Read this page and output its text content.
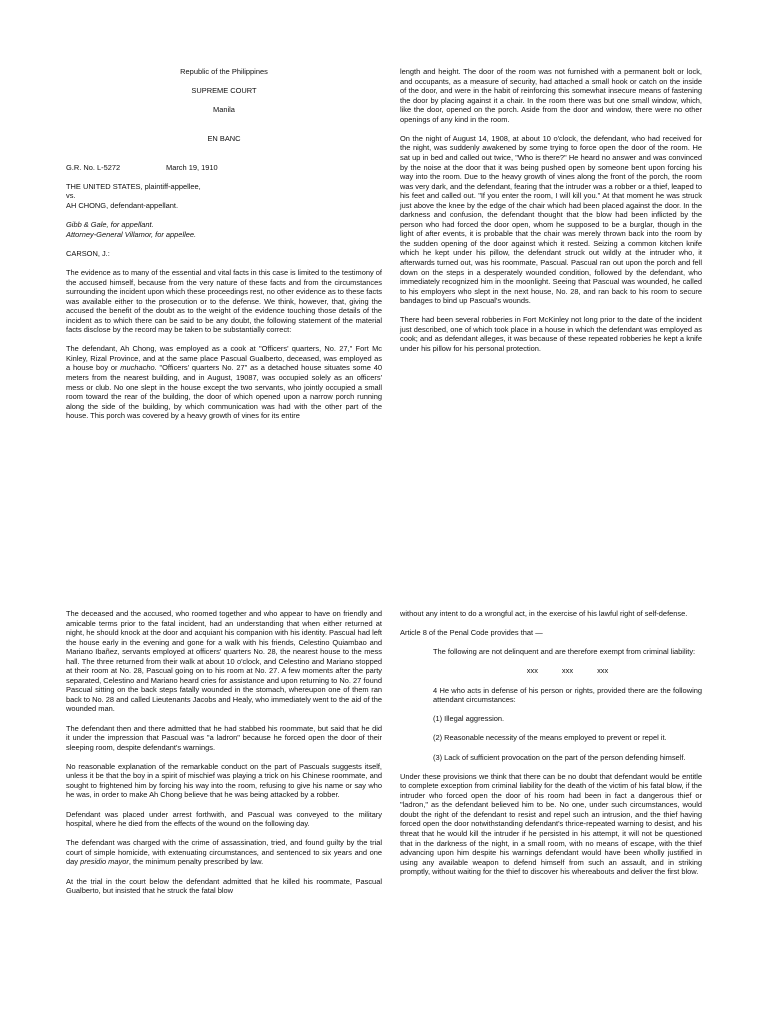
Republic of the Philippines

SUPREME COURT

Manila

EN BANC

G.R. No. L-5272	March 19, 1910

THE UNITED STATES, plaintiff-appellee,

vs.

AH CHONG, defendant-appellant.

Gibb & Gale, for appellant.

Attorney-General Villamor, for appellee.

CARSON, J.:

The evidence as to many of the essential and vital facts in this case is limited to the testimony of the accused himself, because from the very nature of these facts and from the circumstances surrounding the incident upon which these proceedings rest, no other evidence as to these facts was available either to the prosecution or to the defense. We think, however, that, giving the accused the benefit of the doubt as to the weight of the evidence touching those details of the incident as to which there can be said to be any doubt, the following statement of the material facts disclose by the record may be taken to be substantially correct:

The defendant, Ah Chong, was employed as a cook at "Officers' quarters, No. 27," Fort Mc Kinley, Rizal Province, and at the same place Pascual Gualberto, deceased, was employed as a house boy or muchacho. "Officers' quarters No. 27" as a detached house situates some 40 meters from the nearest building, and in August, 19087, was occupied solely as an officers' mess or club. No one slept in the house except the two servants, who jointly occupied a small room toward the rear of the building, the door of which opened upon a narrow porch running along the side of the building, by which communication was had with the other part of the house. This porch was covered by a heavy growth of vines for its entire

length and height. The door of the room was not furnished with a permanent bolt or lock, and occupants, as a measure of security, had attached a small hook or catch on the inside of the door, and were in the habit of reinforcing this somewhat insecure means of fastening the door by placing against it a chair. In the room there was but one small window, which, like the door, opened on the porch. Aside from the door and window, there were no other openings of any kind in the room.

On the night of August 14, 1908, at about 10 o'clock, the defendant, who had received for the night, was suddenly awakened by some trying to force open the door of the room. He sat up in bed and called out twice, "Who is there?" He heard no answer and was convinced by the noise at the door that it was being pushed open by someone bent upon forcing his way into the room. Due to the heavy growth of vines along the front of the porch, the room was very dark, and the defendant, fearing that the intruder was a robber or a thief, leaped to his feet and called out. "If you enter the room, I will kill you." At that moment he was struck just above the knee by the edge of the chair which had been placed against the door. In the darkness and confusion, the defendant thought that the blow had been inflicted by the person who had forced the door open, whom he supposed to be a burglar, though in the light of after events, it is probable that the chair was merely thrown back into the room by the sudden opening of the door against which it rested. Seizing a common kitchen knife which he kept under his pillow, the defendant struck out wildly at the intruder who, it afterwards turned out, was his roommate, Pascual. Pascual ran out upon the porch and fell down on the steps in a desperately wounded condition, followed by the defendant, who immediately recognized him in the moonlight. Seeing that Pascual was wounded, he called to his employers who slept in the next house, No. 28, and ran back to his room to secure bandages to bind up Pascual's wounds.

There had been several robberies in Fort McKinley not long prior to the date of the incident just described, one of which took place in a house in which the defendant was employed as cook; and as defendant alleges, it was because of these repeated robberies he kept a knife under his pillow for his personal protection.

The deceased and the accused, who roomed together and who appear to have on friendly and amicable terms prior to the fatal incident, had an understanding that when either returned at night, he should knock at the door and acquiant his companion with his identity. Pascual had left the house early in the evening and gone for a walk with his friends, Celestino Quiambao and Mariano Ibañez, servants employed at officers' quarters No. 28, the nearest house to the mess hall. The three returned from their walk at about 10 o'clock, and Celestino and Mariano stopped at their room at No. 28, Pascual going on to his room at No. 27. A few moments after the party separated, Celestino and Mariano heard cries for assistance and upon returning to No. 27 found Pascual sitting on the back steps fatally wounded in the stomach, whereupon one of them ran back to No. 28 and called Lieutenants Jacobs and Healy, who immediately went to the aid of the wounded man.

The defendant then and there admitted that he had stabbed his roommate, but said that he did it under the impression that Pascual was "a ladron" because he forced open the door of their sleeping room, despite defendant's warnings.

No reasonable explanation of the remarkable conduct on the part of Pascuals suggests itself, unless it be that the boy in a spirit of mischief was playing a trick on his Chinese roommate, and sought to frightened him by forcing his way into the room, refusing to give his name or say who he was, in order to make Ah Chong believe that he was being attacked by a robber.

Defendant was placed under arrest forthwith, and Pascual was conveyed to the military hospital, where he died from the effects of the wound on the following day.

The defendant was charged with the crime of assassination, tried, and found guilty by the trial court of simple homicide, with extenuating circumstances, and sentenced to six years and one day presidio mayor, the minimum penalty prescribed by law.

At the trial in the court below the defendant admitted that he killed his roommate, Pascual Gualberto, but insisted that he struck the fatal blow

without any intent to do a wrongful act, in the exercise of his lawful right of self-defense.

Article 8 of the Penal Code provides that —

The following are not delinquent and are therefore exempt from criminal liability:

xxx	xxx	xxx

4 He who acts in defense of his person or rights, provided there are the following attendant circumstances:

(1) Illegal aggression.

(2) Reasonable necessity of the means employed to prevent or repel it.

(3) Lack of sufficient provocation on the part of the person defending himself.

Under these provisions we think that there can be no doubt that defendant would be entitle to complete exception from criminal liability for the death of the victim of his fatal blow, if the intruder who forced open the door of his room had been in fact a dangerous thief or "ladron," as the defendant believed him to be. No one, under such circumstances, would doubt the right of the defendant to resist and repel such an intrusion, and the thief having forced open the door notwithstanding defendant's thrice-repeated warning to desist, and his threat that he would kill the intruder if he persisted in his attempt, it will not be questioned that in the darkness of the night, in a small room, with no means of escape, with the thief advancing upon him despite his warnings defendant would have been wholly justified in using any available weapon to defend himself from such an assault, and in striking promptly, without waiting for the thief to discover his whereabouts and deliver the first blow.
